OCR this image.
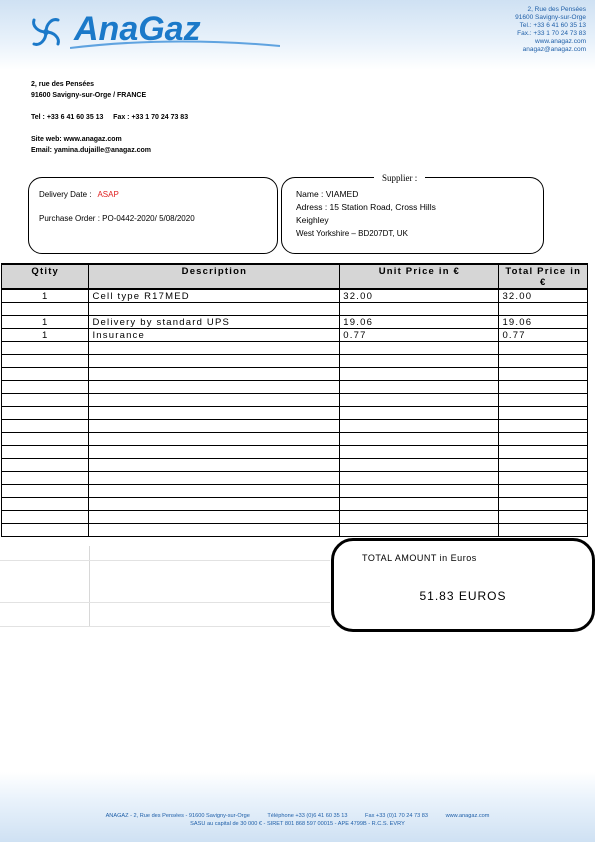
AnaGaz
2, Rue des Pensées
91600 Savigny-sur-Orge
Tel.: +33 6 41 60 35 13
Fax.: +33 1 70 24 73 83
www.anagaz.com
anagaz@anagaz.com
2, rue des Pensées
91600 Savigny-sur-Orge / FRANCE
Tel : +33 6 41 60 35 13     Fax : +33 1 70 24 73 83
Site web: www.anagaz.com
Email: yamina.dujaille@anagaz.com
Delivery Date : ASAP
Purchase Order : PO-0442-2020/ 5/08/2020
Name : VIAMED
Adress : 15 Station Road, Cross Hills
Keighley
West Yorkshire – BD207DT, UK
Supplier :
Qtity	Description	Unit Price in €	Total Price in €
1	Cell type R17MED	32.00	32.00

1	Delivery by standard UPS	19.06	19.06
1	Insurance	0.77	0.77

TOTAL AMOUNT in Euros
51.83 EUROS
ANAGAZ - 2, Rue des Pensées - 91600 Savigny-sur-Orge	Téléphone +33 (0)6 41 60 35 13	Fax +33 (0)1 70 24 73 83	www.anagaz.com
SASU au capital de 30 000 € - SIRET 801 868 597 00015 - APE 4799B - R.C.S. EVRY
